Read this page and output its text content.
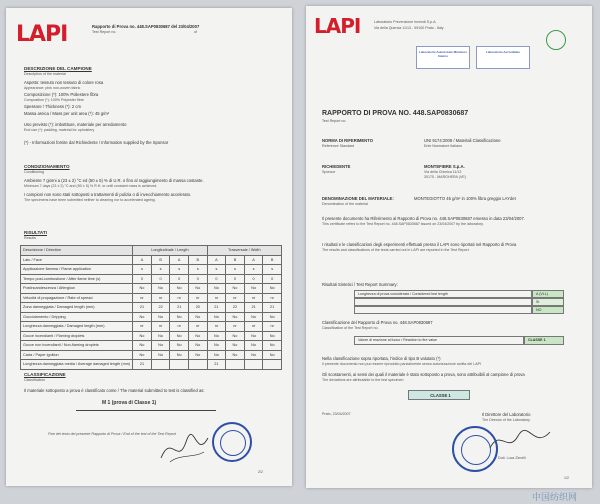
LAPI	Rapporto di Prova no. 448.SAP0830687 del 23/04/2007
Test Report no.	of
DESCRIZIONE DEL CAMPIONE
Description of the material
Aspetto: tessuto non tessuto di colore rosa
Appearance: pink non-woven fabric
Composizione (*): 100% Poliestere fibra
Composition (*): 100% Polyester fibre
Spessore / Thickness (*): 2 cm
Massa areica / Mass per unit area (*): 45 g/m²
Uso previsto (*): imbottiture, materiale per arredamento
End use (*): padding, material for upholstery
(*) - Informazioni fornite dal Richiedente / Information supplied by the Sponsor
CONDIZIONAMENTO
Conditioning
Ambiente 7 giorni a (23 ± 2) °C ed (50 ± 5) % di U.R. o fino al raggiungimento di massa costante.
Minimum 7 days (23 ± 2) °C and (50 ± 5) % R.H. or until constant mass is achieved.
I campioni non sono stati sottoposti a trattamenti di pulizia o di invecchiamento accelerato.
The specimens have been submitted neither to cleaning nor to accelerated ageing.
RISULTATI
Results
Descrizione / Direction	Longitudinale / Length				Trasversale / Width			
Lato / Face	A	B	A	B	A	B	A	B
Applicazione fiamma / Flame application	s	s	s	s	s	s	s	s
Tempo post-combustione / After flame time (s)	0	0	0	0	0	0	0	0
Postincandescenza / Afterglow	No	No	No	No	No	No	No	No
Velocità di propagazione / Rate of spread	nr	nr	nr	nr	nr	nr	nr	nr
Zona danneggiata / Damaged length (mm)	21	22	21	20	21	22	21	21
Gocciolamento / Dripping	No	No	No	No	No	No	No	No
Lunghezza danneggiata / Damaged length (mm)	nr	nr	nr	nr	nr	nr	nr	nr
Gocce incendianti / Flaming droplets	No	No	No	No	No	No	No	No
Gocce non incendianti / Non-flaming droplets	No	No	No	No	No	No	No	No
Carta / Paper ignition	No	No	No	No	No	No	No	No
Lunghezza danneggiata media / Average damaged length (mm)	21				21			
CLASSIFICAZIONE
Classification
Il materiale sottoposto a prova è classificato come / The material submitted to test is classified as:
M 1 (prova di Classe 1)
Fine del testo del presente Rapporto di Prova / End of the text of the Test Report
2/2
LAPI	Laboratorio Prevenzione Incendi S.p.A.
Via della Quercia 11/13 - 59100 Prato - Italy
Laboratorio Autorizzato Ministero Interno
Laboratorio Accreditato
RAPPORTO DI PROVA NO. 448.SAP0830687
Test Report no.
NORMA DI RIFERIMENTO
Reference Standard
UNI 9174:2008 / Materiali Classificazione
Ente Normatore Italiano
RICHIEDENTE
Sponsor
MONTEFIBRE S.p.A.
Via della Chimica 11/13
30175 - MARGHERA (VE)
DENOMINAZIONE DEL MATERIALE:	MONTEGIOTTO 45 g/m² in 100% fibra greggio LAYdet
Denomination of the material
Il presente documento ha Riferimento al Rapporto di Prova no. 448.SAP0830687 emesso in data 23/04/2007.
This certificate refers to the Test Report no. 448.SAP0830687 issued on 23/04/2007 by the laboratory.
I risultati e le classificazioni degli esperimenti effettuati presso il LAPI sono riportati nel Rapporto di Prova
The results and classifications of the tests carried out in LAPI are reported in the Test Report
Risultati Sintetici / Test Report Summary:
Lunghezza di prova considerata / Considered test length	A (VLL)
Sì
NO
Classificazione del Rapporto di Prova no. 448.SAP0830687
Classification of the Test Report no.
Valore di reazione al fuoco / Reaction to fire value	CLASSE 1
Nella classificazione sopra riportata, l'indice di tipo B valutato (*)
Il presente documento non può essere riprodotto parzialmente senza autorizzazione scritta del LAPI
Gli scostamenti, ai sensi dei quali il materiale è stato sottoposto a prova, sono attribuibili al campione di prova
The deviations are attributable to the test specimen
CLASSE 1
Prato, 23/04/2007	Il Direttore del Laboratorio
The Director of the Laboratory
Dott. Luca Zimelli
1/2
中国纺织网
